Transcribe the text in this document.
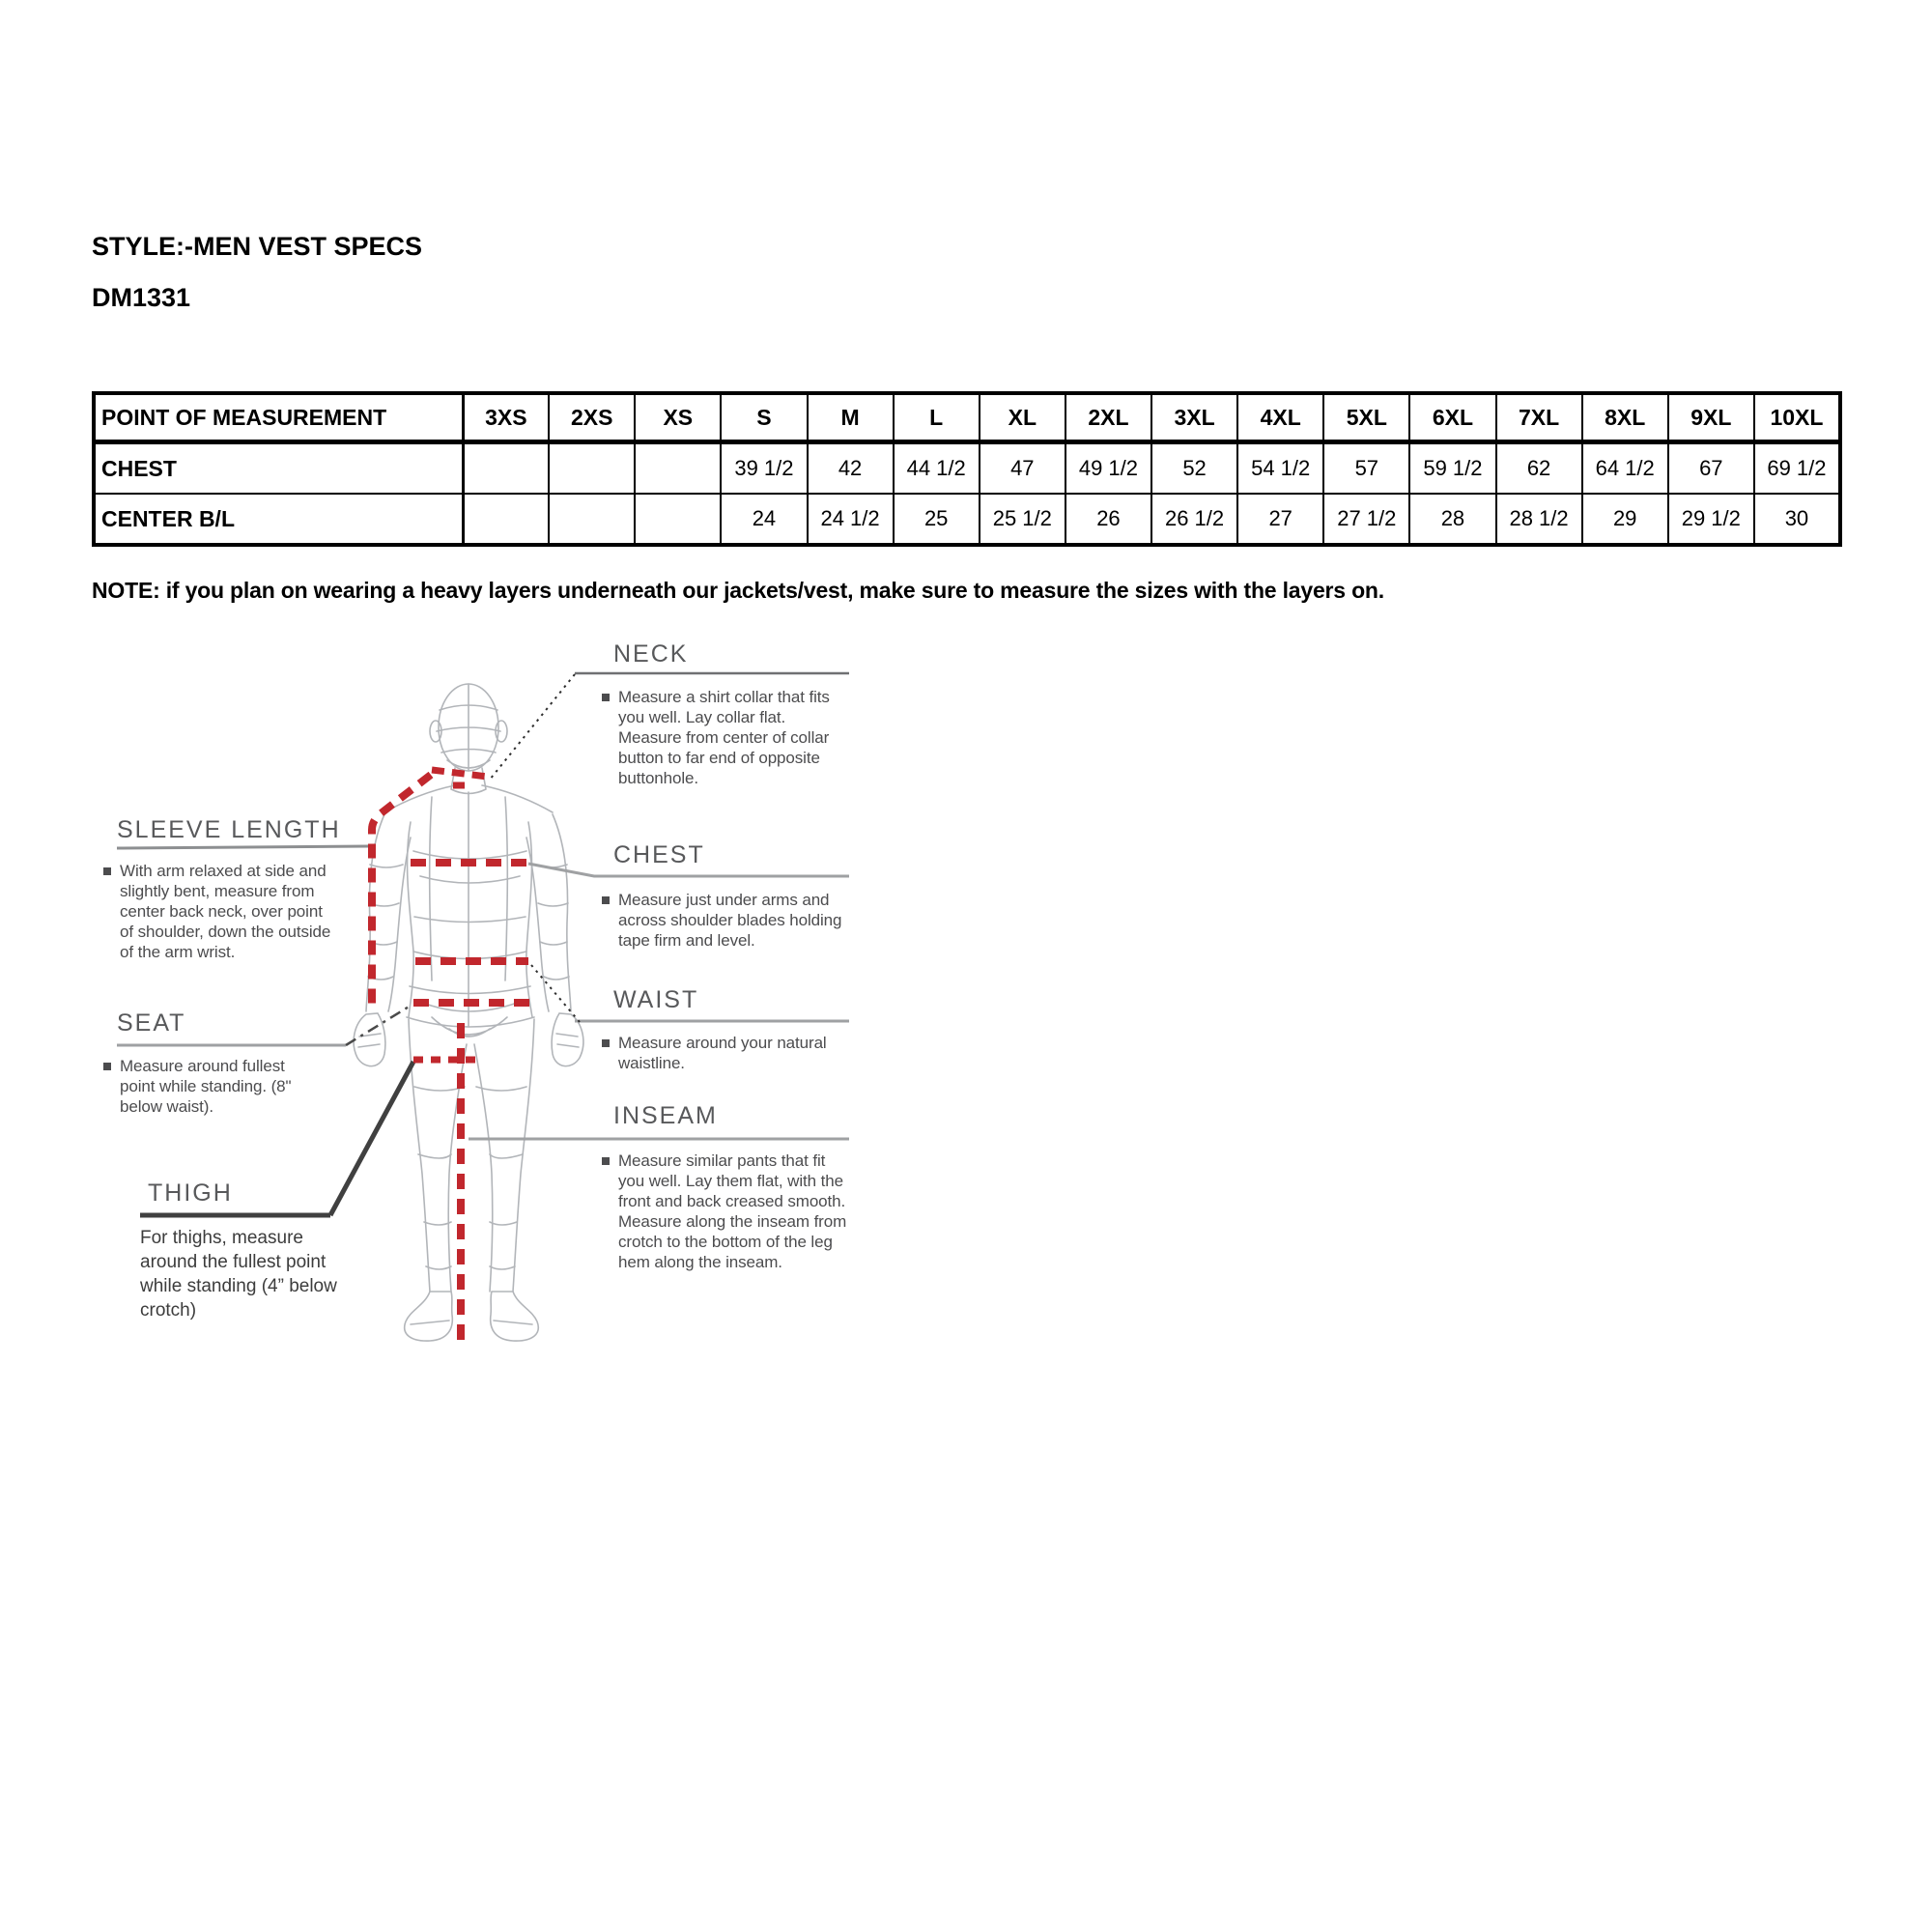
STYLE:-MEN VEST SPECS
DM1331
POINT OF MEASUREMENT	3XS	2XS	XS	S	M	L	XL	2XL	3XL	4XL	5XL	6XL	7XL	8XL	9XL	10XL
CHEST				39 1/2	42	44 1/2	47	49 1/2	52	54 1/2	57	59 1/2	62	64 1/2	67	69 1/2
CENTER B/L				24	24 1/2	25	25 1/2	26	26 1/2	27	27 1/2	28	28 1/2	29	29 1/2	30
NOTE: if you plan on wearing a heavy layers underneath our jackets/vest, make sure to measure the sizes with the layers on.
NECK
Measure a shirt collar that fits you well. Lay collar flat. Measure from center of collar button to far end of opposite buttonhole.
SLEEVE LENGTH
With arm relaxed at side and slightly bent, measure from center back neck, over point of shoulder, down the outside of the arm wrist.
CHEST
Measure just under arms and across shoulder blades holding tape firm and level.
WAIST
Measure around your natural waistline.
SEAT
Measure around fullest point while standing. (8" below waist).
THIGH
For thighs, measure around the fullest point while standing (4” below crotch)
INSEAM
Measure similar pants that fit you well. Lay them flat, with the front and back creased smooth. Measure along the inseam from crotch to the bottom of the leg hem along the inseam.
